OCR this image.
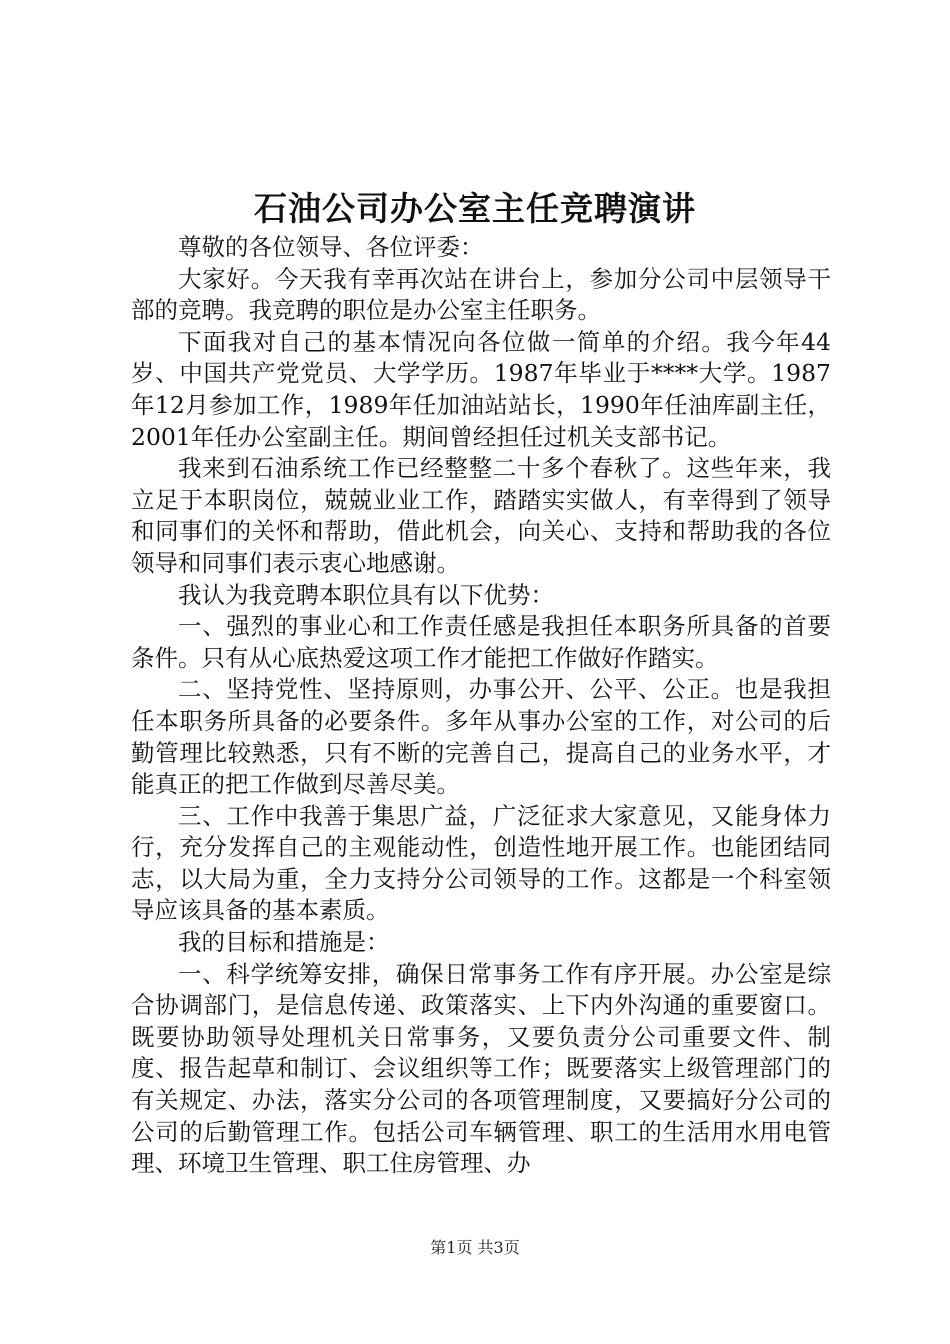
石油公司办公室主任竞聘演讲

尊敬的各位领导、各位评委：

大家好。今天我有幸再次站在讲台上，参加分公司中层领导干部的竞聘。我竞聘的职位是办公室主任职务。

下面我对自己的基本情况向各位做一简单的介绍。我今年44岁、中国共产党党员、大学学历。1987年毕业于****大学。1987年12月参加工作，1989年任加油站站长，1990年任油库副主任，2001年任办公室副主任。期间曾经担任过机关支部书记。

我来到石油系统工作已经整整二十多个春秋了。这些年来，我立足于本职岗位，兢兢业业工作，踏踏实实做人，有幸得到了领导和同事们的关怀和帮助，借此机会，向关心、支持和帮助我的各位领导和同事们表示衷心地感谢。

我认为我竞聘本职位具有以下优势：

一、强烈的事业心和工作责任感是我担任本职务所具备的首要条件。只有从心底热爱这项工作才能把工作做好作踏实。

二、坚持党性、坚持原则，办事公开、公平、公正。也是我担任本职务所具备的必要条件。多年从事办公室的工作，对公司的后勤管理比较熟悉，只有不断的完善自己，提高自己的业务水平，才能真正的把工作做到尽善尽美。

三、工作中我善于集思广益，广泛征求大家意见，又能身体力行，充分发挥自己的主观能动性，创造性地开展工作。也能团结同志，以大局为重，全力支持分公司领导的工作。这都是一个科室领导应该具备的基本素质。

我的目标和措施是：

一、科学统筹安排，确保日常事务工作有序开展。办公室是综合协调部门，是信息传递、政策落实、上下内外沟通的重要窗口。既要协助领导处理机关日常事务，又要负责分公司重要文件、制度、报告起草和制订、会议组织等工作；既要落实上级管理部门的有关规定、办法，落实分公司的各项管理制度，又要搞好分公司的公司的后勤管理工作。包括公司车辆管理、职工的生活用水用电管理、环境卫生管理、职工住房管理、办

第1页 共3页
